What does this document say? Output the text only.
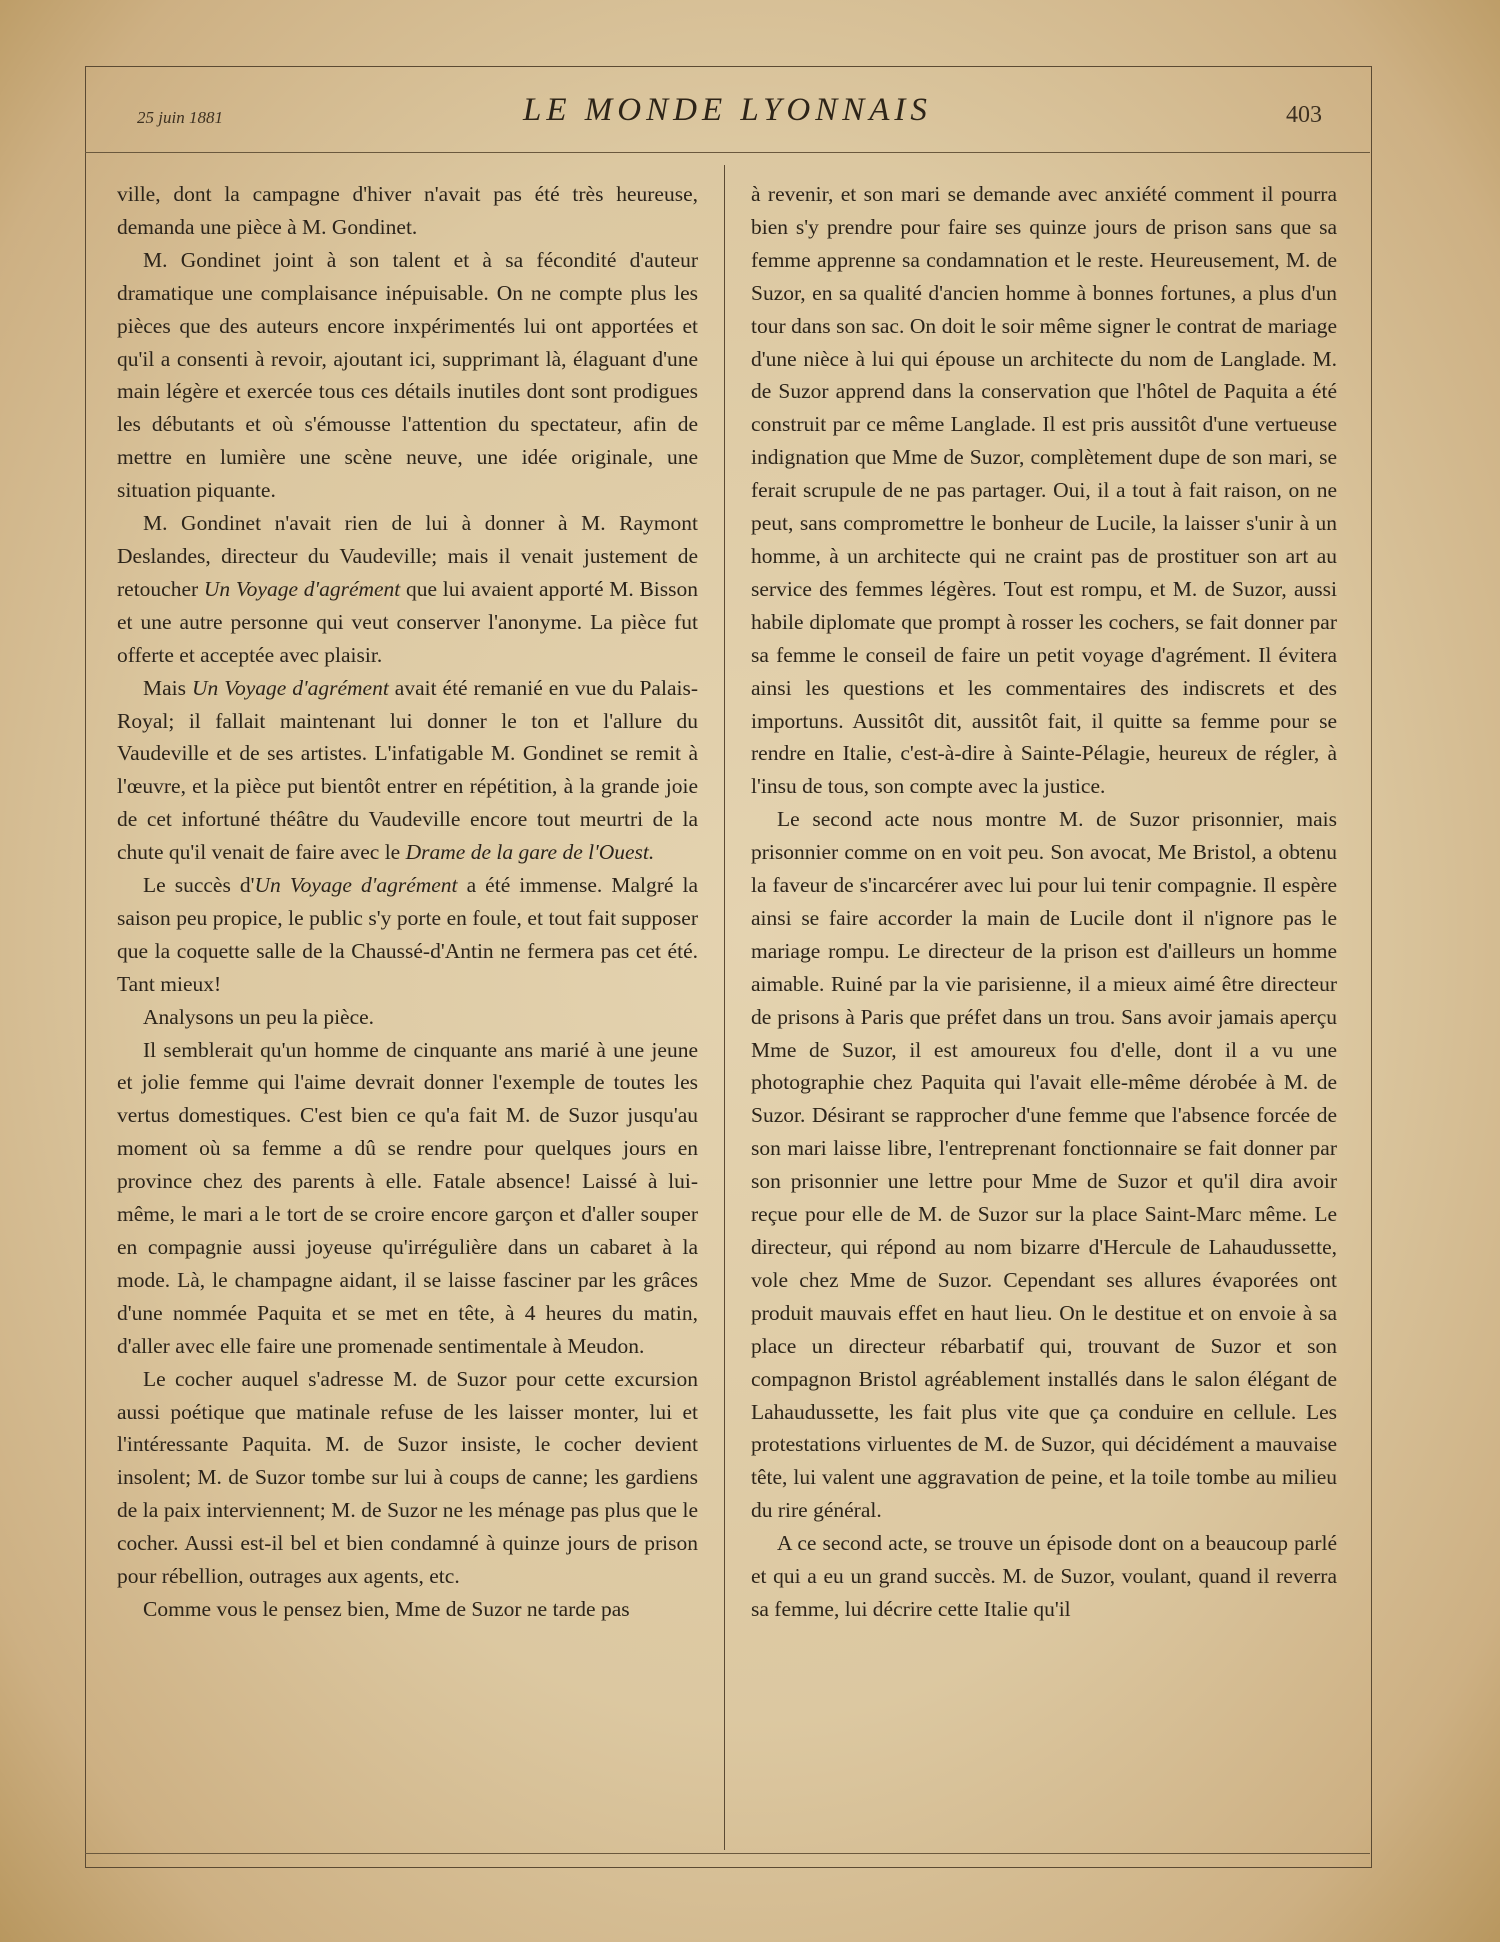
25 juin 1881	LE MONDE LYONNAIS	403

ville, dont la campagne d'hiver n'avait pas été très heureuse, demanda une pièce à M. Gondinet.

M. Gondinet joint à son talent et à sa fécondité d'auteur dramatique une complaisance inépuisable. On ne compte plus les pièces que des auteurs encore inxpérimentés lui ont apportées et qu'il a consenti à revoir, ajoutant ici, supprimant là, élaguant d'une main légère et exercée tous ces détails inutiles dont sont prodigues les débutants et où s'émousse l'attention du spectateur, afin de mettre en lumière une scène neuve, une idée originale, une situation piquante.

M. Gondinet n'avait rien de lui à donner à M. Raymont Deslandes, directeur du Vaudeville; mais il venait justement de retoucher Un Voyage d'agrément que lui avaient apporté M. Bisson et une autre personne qui veut conserver l'anonyme. La pièce fut offerte et acceptée avec plaisir.

Mais Un Voyage d'agrément avait été remanié en vue du Palais-Royal; il fallait maintenant lui donner le ton et l'allure du Vaudeville et de ses artistes. L'infatigable M. Gondinet se remit à l'œuvre, et la pièce put bientôt entrer en répétition, à la grande joie de cet infortuné théâtre du Vaudeville encore tout meurtri de la chute qu'il venait de faire avec le Drame de la gare de l'Ouest.

Le succès d'Un Voyage d'agrément a été immense. Malgré la saison peu propice, le public s'y porte en foule, et tout fait supposer que la coquette salle de la Chaussé-d'Antin ne fermera pas cet été. Tant mieux!

Analysons un peu la pièce.

Il semblerait qu'un homme de cinquante ans marié à une jeune et jolie femme qui l'aime devrait donner l'exemple de toutes les vertus domestiques. C'est bien ce qu'a fait M. de Suzor jusqu'au moment où sa femme a dû se rendre pour quelques jours en province chez des parents à elle. Fatale absence! Laissé à lui-même, le mari a le tort de se croire encore garçon et d'aller souper en compagnie aussi joyeuse qu'irrégulière dans un cabaret à la mode. Là, le champagne aidant, il se laisse fasciner par les grâces d'une nommée Paquita et se met en tête, à 4 heures du matin, d'aller avec elle faire une promenade sentimentale à Meudon.

Le cocher auquel s'adresse M. de Suzor pour cette excursion aussi poétique que matinale refuse de les laisser monter, lui et l'intéressante Paquita. M. de Suzor insiste, le cocher devient insolent; M. de Suzor tombe sur lui à coups de canne; les gardiens de la paix interviennent; M. de Suzor ne les ménage pas plus que le cocher. Aussi est-il bel et bien condamné à quinze jours de prison pour rébellion, outrages aux agents, etc.

Comme vous le pensez bien, Mme de Suzor ne tarde pas

à revenir, et son mari se demande avec anxiété comment il pourra bien s'y prendre pour faire ses quinze jours de prison sans que sa femme apprenne sa condamnation et le reste. Heureusement, M. de Suzor, en sa qualité d'ancien homme à bonnes fortunes, a plus d'un tour dans son sac. On doit le soir même signer le contrat de mariage d'une nièce à lui qui épouse un architecte du nom de Langlade. M. de Suzor apprend dans la conservation que l'hôtel de Paquita a été construit par ce même Langlade. Il est pris aussitôt d'une vertueuse indignation que Mme de Suzor, complètement dupe de son mari, se ferait scrupule de ne pas partager. Oui, il a tout à fait raison, on ne peut, sans compromettre le bonheur de Lucile, la laisser s'unir à un homme, à un architecte qui ne craint pas de prostituer son art au service des femmes légères. Tout est rompu, et M. de Suzor, aussi habile diplomate que prompt à rosser les cochers, se fait donner par sa femme le conseil de faire un petit voyage d'agrément. Il évitera ainsi les questions et les commentaires des indiscrets et des importuns. Aussitôt dit, aussitôt fait, il quitte sa femme pour se rendre en Italie, c'est-à-dire à Sainte-Pélagie, heureux de régler, à l'insu de tous, son compte avec la justice.

Le second acte nous montre M. de Suzor prisonnier, mais prisonnier comme on en voit peu. Son avocat, Me Bristol, a obtenu la faveur de s'incarcérer avec lui pour lui tenir compagnie. Il espère ainsi se faire accorder la main de Lucile dont il n'ignore pas le mariage rompu. Le directeur de la prison est d'ailleurs un homme aimable. Ruiné par la vie parisienne, il a mieux aimé être directeur de prisons à Paris que préfet dans un trou. Sans avoir jamais aperçu Mme de Suzor, il est amoureux fou d'elle, dont il a vu une photographie chez Paquita qui l'avait elle-même dérobée à M. de Suzor. Désirant se rapprocher d'une femme que l'absence forcée de son mari laisse libre, l'entreprenant fonctionnaire se fait donner par son prisonnier une lettre pour Mme de Suzor et qu'il dira avoir reçue pour elle de M. de Suzor sur la place Saint-Marc même. Le directeur, qui répond au nom bizarre d'Hercule de Lahaudussette, vole chez Mme de Suzor. Cependant ses allures évaporées ont produit mauvais effet en haut lieu. On le destitue et on envoie à sa place un directeur rébarbatif qui, trouvant de Suzor et son compagnon Bristol agréablement installés dans le salon élégant de Lahaudussette, les fait plus vite que ça conduire en cellule. Les protestations virluentes de M. de Suzor, qui décidément a mauvaise tête, lui valent une aggravation de peine, et la toile tombe au milieu du rire général.

A ce second acte, se trouve un épisode dont on a beaucoup parlé et qui a eu un grand succès. M. de Suzor, voulant, quand il reverra sa femme, lui décrire cette Italie qu'il
